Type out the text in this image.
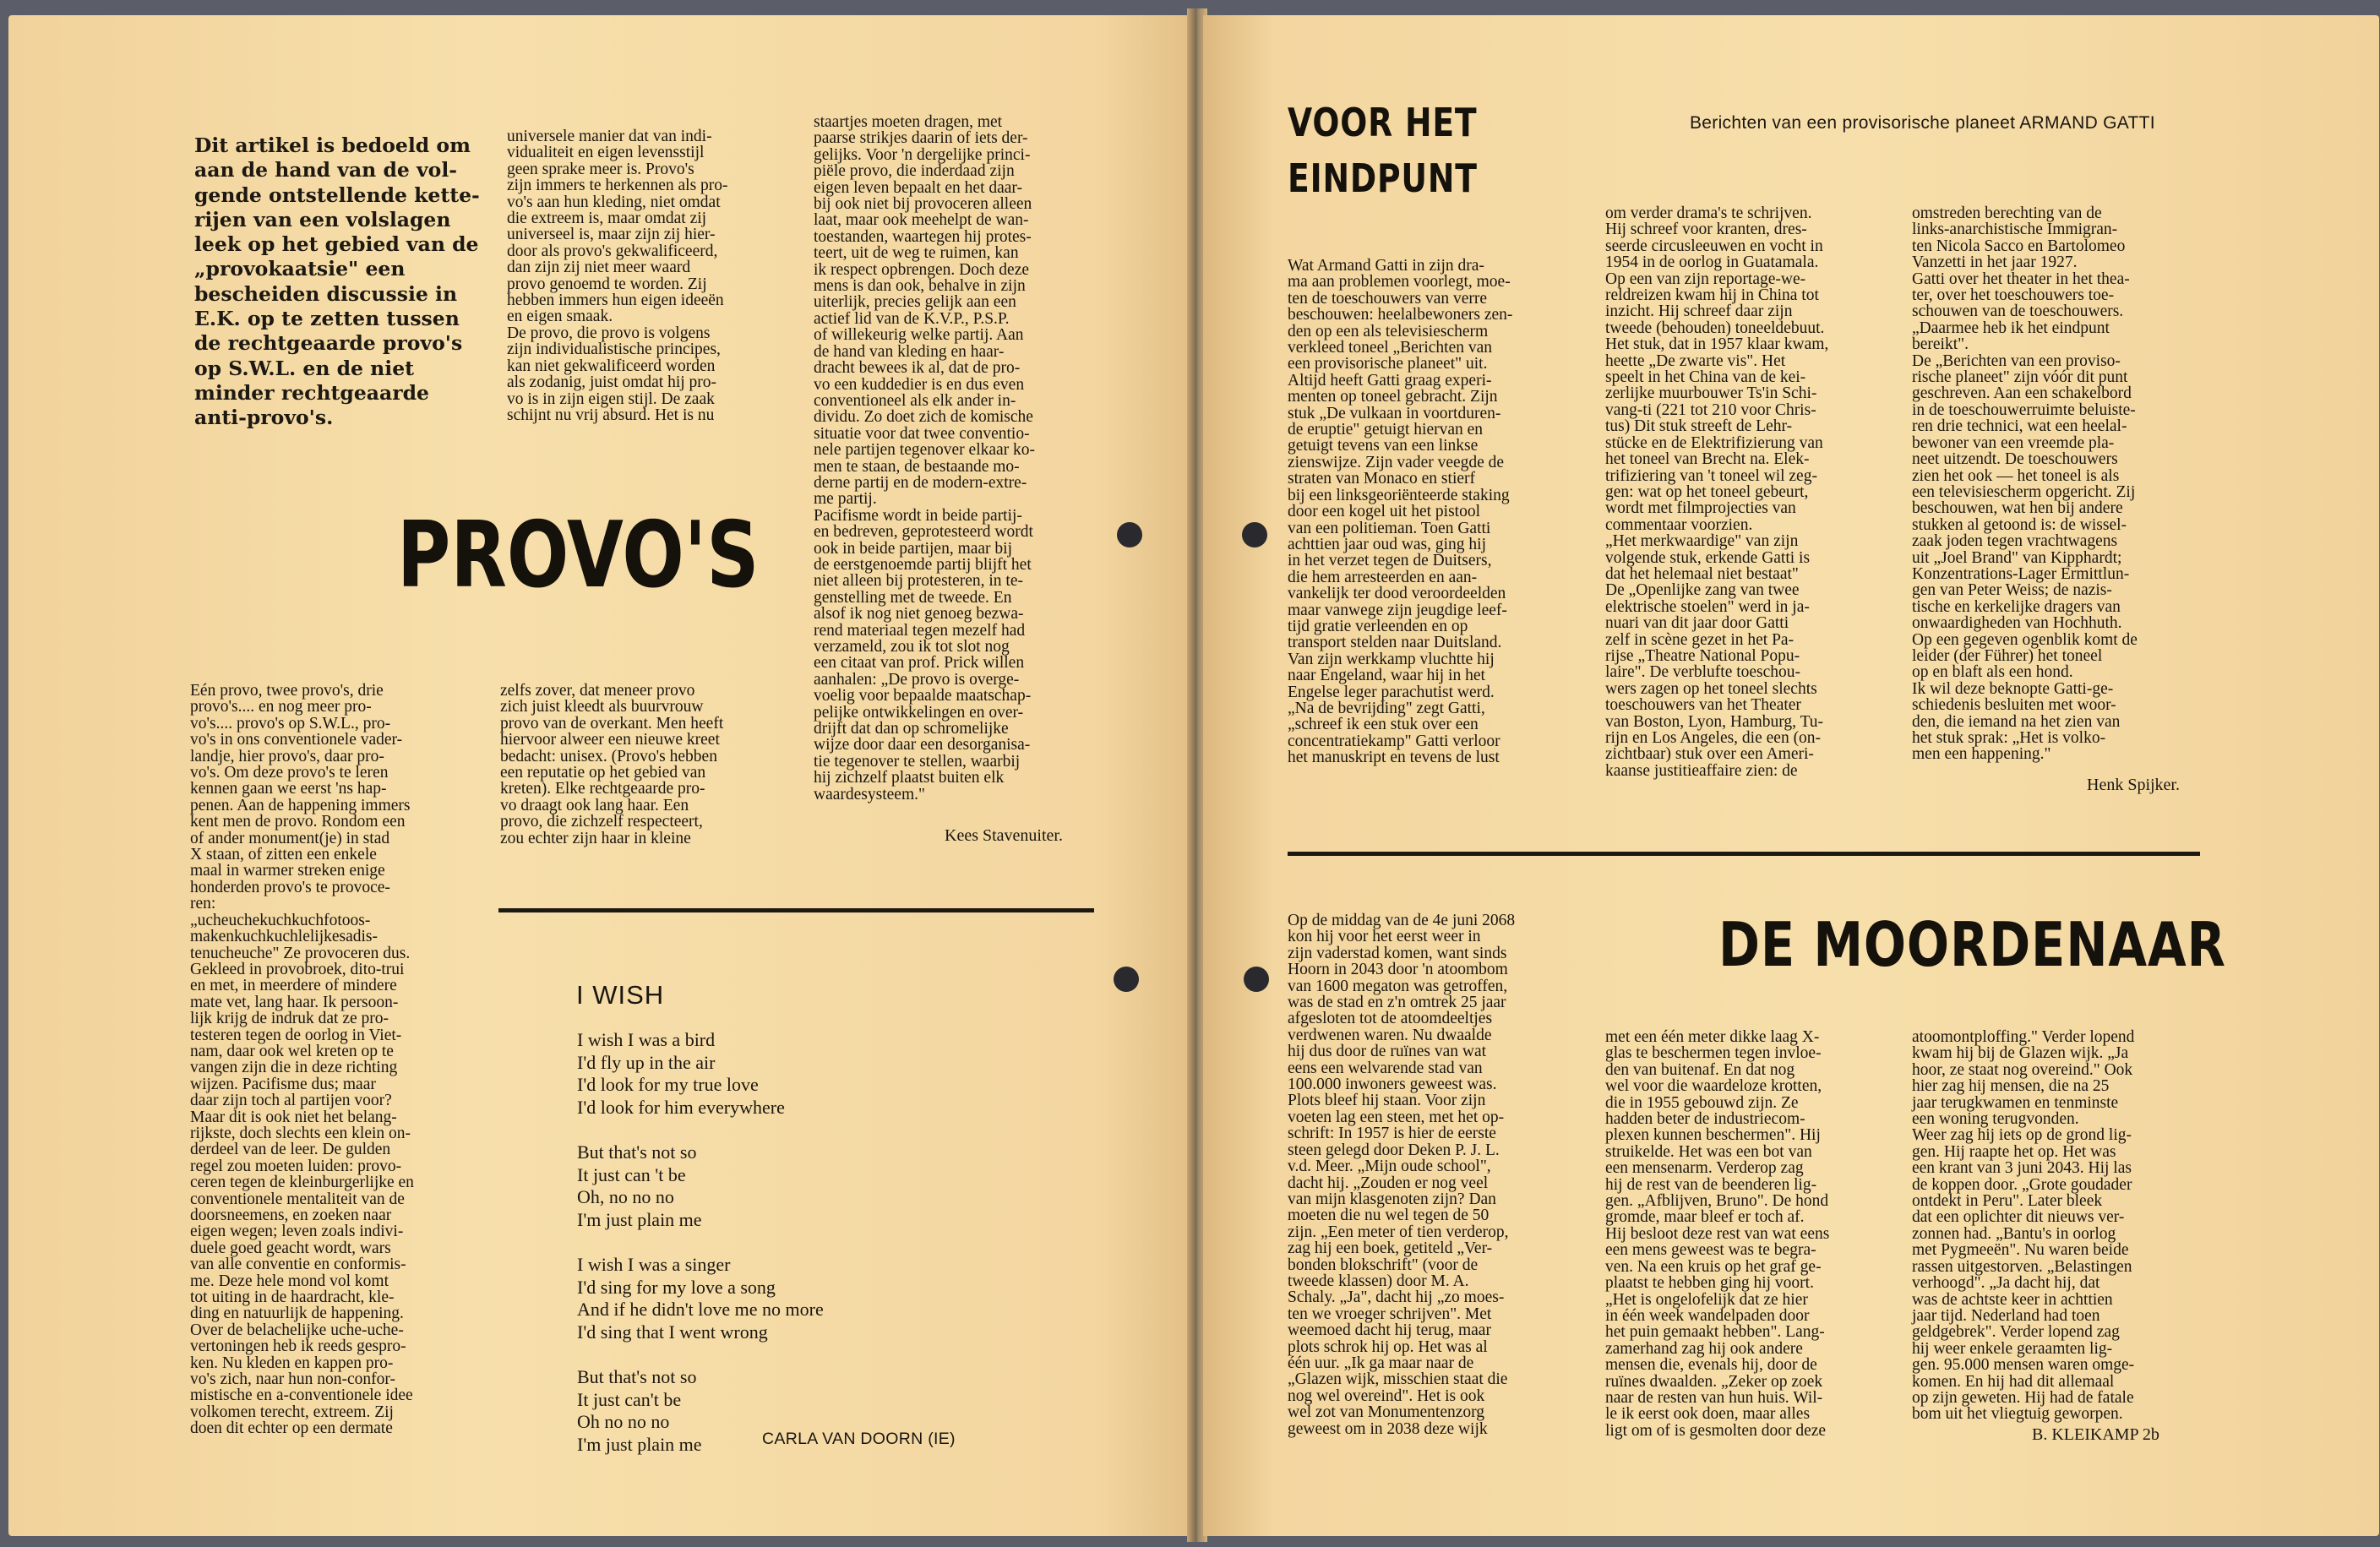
Dit artikel is bedoeld om
aan de hand van de vol-
gende ontstellende kette-
rijen van een volslagen
leek op het gebied van de
„provokaatsie" een
bescheiden discussie in
E.K. op te zetten tussen
de rechtgeaarde provo's
op S.W.L. en de niet
minder rechtgeaarde
anti-provo's.

PROVO'S

Eén provo, twee provo's, drie
provo's.... en nog meer pro-
vo's.... provo's op S.W.L., pro-
vo's in ons conventionele vader-
landje, hier provo's, daar pro-
vo's. Om deze provo's te leren
kennen gaan we eerst 'ns hap-
penen. Aan de happening immers
kent men de provo. Rondom een
of ander monument(je) in stad
X staan, of zitten een enkele
maal in warmer streken enige
honderden provo's te provoce-
ren:
„ucheuchekuchkuchfotoos-
makenkuchkuchlelijkesadis-
tenucheuche" Ze provoceren dus.
Gekleed in provobroek, dito-trui
en met, in meerdere of mindere
mate vet, lang haar. Ik persoon-
lijk krijg de indruk dat ze pro-
testeren tegen de oorlog in Viet-
nam, daar ook wel kreten op te
vangen zijn die in deze richting
wijzen. Pacifisme dus; maar
daar zijn toch al partijen voor?
Maar dit is ook niet het belang-
rijkste, doch slechts een klein on-
derdeel van de leer. De gulden
regel zou moeten luiden: provo-
ceren tegen de kleinburgerlijke en
conventionele mentaliteit van de
doorsneemens, en zoeken naar
eigen wegen; leven zoals indivi-
duele goed geacht wordt, wars
van alle conventie en conformis-
me. Deze hele mond vol komt
tot uiting in de haardracht, kle-
ding en natuurlijk de happening.
Over de belachelijke uche-uche-
vertoningen heb ik reeds gespro-
ken. Nu kleden en kappen pro-
vo's zich, naar hun non-confor-
mistische en a-conventionele idee
volkomen terecht, extreem. Zij
doen dit echter op een dermate

universele manier dat van indi-
vidualiteit en eigen levensstijl
geen sprake meer is. Provo's
zijn immers te herkennen als pro-
vo's aan hun kleding, niet omdat
die extreem is, maar omdat zij
universeel is, maar zijn zij hier-
door als provo's gekwalificeerd,
dan zijn zij niet meer waard
provo genoemd te worden. Zij
hebben immers hun eigen ideeën
en eigen smaak.
De provo, die provo is volgens
zijn individualistische principes,
kan niet gekwalificeerd worden
als zodanig, juist omdat hij pro-
vo is in zijn eigen stijl. De zaak
schijnt nu vrij absurd. Het is nu

zelfs zover, dat meneer provo
zich juist kleedt als buurvrouw
provo van de overkant. Men heeft
hiervoor alweer een nieuwe kreet
bedacht: unisex. (Provo's hebben
een reputatie op het gebied van
kreten). Elke rechtgeaarde pro-
vo draagt ook lang haar. Een
provo, die zichzelf respecteert,
zou echter zijn haar in kleine

staartjes moeten dragen, met
paarse strikjes daarin of iets der-
gelijks. Voor 'n dergelijke princi-
piële provo, die inderdaad zijn
eigen leven bepaalt en het daar-
bij ook niet bij provoceren alleen
laat, maar ook meehelpt de wan-
toestanden, waartegen hij protes-
teert, uit de weg te ruimen, kan
ik respect opbrengen. Doch deze
mens is dan ook, behalve in zijn
uiterlijk, precies gelijk aan een
actief lid van de K.V.P., P.S.P.
of willekeurig welke partij. Aan
de hand van kleding en haar-
dracht bewees ik al, dat de pro-
vo een kuddedier is en dus even
conventioneel als elk ander in-
dividu. Zo doet zich de komische
situatie voor dat twee conventio-
nele partijen tegenover elkaar ko-
men te staan, de bestaande mo-
derne partij en de modern-extre-
me partij.
Pacifisme wordt in beide partij-
en bedreven, geprotesteerd wordt
ook in beide partijen, maar bij
de eerstgenoemde partij blijft het
niet alleen bij protesteren, in te-
genstelling met de tweede. En
alsof ik nog niet genoeg bezwa-
rend materiaal tegen mezelf had
verzameld, zou ik tot slot nog
een citaat van prof. Prick willen
aanhalen: „De provo is overge-
voelig voor bepaalde maatschap-
pelijke ontwikkelingen en over-
drijft dat dan op schromelijke
wijze door daar een desorganisa-
tie tegenover te stellen, waarbij
hij zichzelf plaatst buiten elk
waardesysteem."

Kees Stavenuiter.

I WISH

I wish I was a bird
I'd fly up in the air
I'd look for my true love
I'd look for him everywhere

But that's not so
It just can 't be
Oh, no no no
I'm just plain me

I wish I was a singer
I'd sing for my love a song
And if he didn't love me no more
I'd sing that I went wrong

But that's not so
It just can't be
Oh no no no
I'm just plain me	CARLA VAN DOORN (IE)

VOOR HET
EINDPUNT

Berichten van een provisorische planeet ARMAND GATTI

Wat Armand Gatti in zijn dra-
ma aan problemen voorlegt, moe-
ten de toeschouwers van verre
beschouwen: heelalbewoners zen-
den op een als televisiescherm
verkleed toneel „Berichten van
een provisorische planeet" uit.
Altijd heeft Gatti graag experi-
menten op toneel gebracht. Zijn
stuk „De vulkaan in voortduren-
de eruptie" getuigt hiervan en
getuigt tevens van een linkse
zienswijze. Zijn vader veegde de
straten van Monaco en stierf
bij een linksgeoriënteerde staking
door een kogel uit het pistool
van een politieman. Toen Gatti
achttien jaar oud was, ging hij
in het verzet tegen de Duitsers,
die hem arresteerden en aan-
vankelijk ter dood veroordeelden
maar vanwege zijn jeugdige leef-
tijd gratie verleenden en op
transport stelden naar Duitsland.
Van zijn werkkamp vluchtte hij
naar Engeland, waar hij in het
Engelse leger parachutist werd.
„Na de bevrijding" zegt Gatti,
„schreef ik een stuk over een
concentratiekamp" Gatti verloor
het manuskript en tevens de lust

om verder drama's te schrijven.
Hij schreef voor kranten, dres-
seerde circusleeuwen en vocht in
1954 in de oorlog in Guatamala.
Op een van zijn reportage-we-
reldreizen kwam hij in China tot
inzicht. Hij schreef daar zijn
tweede (behouden) toneeldebuut.
Het stuk, dat in 1957 klaar kwam,
heette „De zwarte vis". Het
speelt in het China van de kei-
zerlijke muurbouwer Ts'in Schi-
vang-ti (221 tot 210 voor Chris-
tus) Dit stuk streeft de Lehr-
stücke en de Elektrifizierung van
het toneel van Brecht na. Elek-
trifiziering van 't toneel wil zeg-
gen: wat op het toneel gebeurt,
wordt met filmprojecties van
commentaar voorzien.
„Het merkwaardige" van zijn
volgende stuk, erkende Gatti is
dat het helemaal niet bestaat"
De „Openlijke zang van twee
elektrische stoelen" werd in ja-
nuari van dit jaar door Gatti
zelf in scène gezet in het Pa-
rijse „Theatre National Popu-
laire". De verblufte toeschou-
wers zagen op het toneel slechts
toeschouwers van het Theater
van Boston, Lyon, Hamburg, Tu-
rijn en Los Angeles, die een (on-
zichtbaar) stuk over een Ameri-
kaanse justitieaffaire zien: de

omstreden berechting van de
links-anarchistische Immigran-
ten Nicola Sacco en Bartolomeo
Vanzetti in het jaar 1927.
Gatti over het theater in het thea-
ter, over het toeschouwers toe-
schouwen van de toeschouwers.
„Daarmee heb ik het eindpunt
bereikt".
De „Berichten van een proviso-
rische planeet" zijn vóór dit punt
geschreven. Aan een schakelbord
in de toeschouwerruimte beluiste-
ren drie technici, wat een heelal-
bewoner van een vreemde pla-
neet uitzendt. De toeschouwers
zien het ook — het toneel is als
een televisiescherm opgericht. Zij
beschouwen, wat hen bij andere
stukken al getoond is: de wissel-
zaak joden tegen vrachtwagens
uit „Joel Brand" van Kipphardt;
Konzentrations-Lager Ermittlun-
gen van Peter Weiss; de nazis-
tische en kerkelijke dragers van
onwaardigheden van Hochhuth.
Op een gegeven ogenblik komt de
leider (der Führer) het toneel
op en blaft als een hond.
Ik wil deze beknopte Gatti-ge-
schiedenis besluiten met woor-
den, die iemand na het zien van
het stuk sprak: „Het is volko-
men een happening."

Henk Spijker.

DE MOORDENAAR

Op de middag van de 4e juni 2068
kon hij voor het eerst weer in
zijn vaderstad komen, want sinds
Hoorn in 2043 door 'n atoombom
van 1600 megaton was getroffen,
was de stad en z'n omtrek 25 jaar
afgesloten tot de atoomdeeltjes
verdwenen waren. Nu dwaalde
hij dus door de ruïnes van wat
eens een welvarende stad van
100.000 inwoners geweest was.
Plots bleef hij staan. Voor zijn
voeten lag een steen, met het op-
schrift: In 1957 is hier de eerste
steen gelegd door Deken P. J. L.
v.d. Meer. „Mijn oude school",
dacht hij. „Zouden er nog veel
van mijn klasgenoten zijn? Dan
moeten die nu wel tegen de 50
zijn. „Een meter of tien verderop,
zag hij een boek, getiteld „Ver-
bonden blokschrift" (voor de
tweede klassen) door M. A.
Schaly. „Ja", dacht hij „zo moes-
ten we vroeger schrijven". Met
weemoed dacht hij terug, maar
plots schrok hij op. Het was al
één uur. „Ik ga maar naar de
„Glazen wijk, misschien staat die
nog wel overeind". Het is ook
wel zot van Monumentenzorg
geweest om in 2038 deze wijk

met een één meter dikke laag X-
glas te beschermen tegen invloe-
den van buitenaf. En dat nog
wel voor die waardeloze krotten,
die in 1955 gebouwd zijn. Ze
hadden beter de industriecom-
plexen kunnen beschermen". Hij
struikelde. Het was een bot van
een mensenarm. Verderop zag
hij de rest van de beenderen lig-
gen. „Afblijven, Bruno". De hond
gromde, maar bleef er toch af.
Hij besloot deze rest van wat eens
een mens geweest was te begra-
ven. Na een kruis op het graf ge-
plaatst te hebben ging hij voort.
„Het is ongelofelijk dat ze hier
in één week wandelpaden door
het puin gemaakt hebben". Lang-
zamerhand zag hij ook andere
mensen die, evenals hij, door de
ruïnes dwaalden. „Zeker op zoek
naar de resten van hun huis. Wil-
le ik eerst ook doen, maar alles
ligt om of is gesmolten door deze

atoomontploffing." Verder lopend
kwam hij bij de Glazen wijk. „Ja
hoor, ze staat nog overeind." Ook
hier zag hij mensen, die na 25
jaar terugkwamen en tenminste
een woning terugvonden.
Weer zag hij iets op de grond lig-
gen. Hij raapte het op. Het was
een krant van 3 juni 2043. Hij las
de koppen door. „Grote goudader
ontdekt in Peru". Later bleek
dat een oplichter dit nieuws ver-
zonnen had. „Bantu's in oorlog
met Pygmeeën". Nu waren beide
rassen uitgestorven. „Belastingen
verhoogd". „Ja dacht hij, dat
was de achtste keer in achttien
jaar tijd. Nederland had toen
geldgebrek". Verder lopend zag
hij weer enkele geraamten lig-
gen. 95.000 mensen waren omge-
komen. En hij had dit allemaal
op zijn geweten. Hij had de fatale
bom uit het vliegtuig geworpen.

B. KLEIKAMP 2b
